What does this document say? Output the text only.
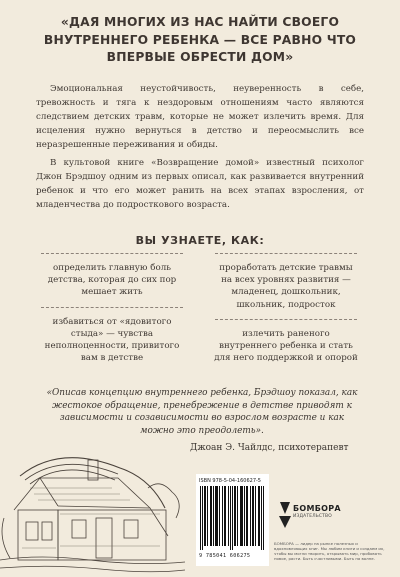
«ДАЯ МНОГИХ ИЗ НАС НАЙТИ СВОЕГО ВНУТРЕННЕГО РЕБЕНКА — ВСЕ РАВНО ЧТО ВПЕРВЫЕ ОБРЕСТИ ДОМ»

Эмоциональная неустойчивость, неуверенность в себе, тревожность и тяга к нездоровым отношениям часто являются следствием детских травм, которые не может излечить время. Для исцеления нужно вернуться в детство и переосмыслить все неразрешенные переживания и обиды.

В культовой книге «Возвращение домой» известный психолог Джон Брэдшоу одним из первых описал, как развивается внутренний ребенок и что его может ранить на всех этапах взросления, от младенчества до подросткового возраста.

ВЫ УЗНАЕТЕ, КАК:
определить главную боль детства, которая до сих пор мешает жить
избавиться от «ядовитого стыда» — чувства неполноценности, привитого вам в детстве
проработать детские травмы на всех уровнях развития — младенец, дошкольник, школьник, подросток
излечить раненого внутреннего ребенка и стать для него поддержкой и опорой
«Описав концепцию внутреннего ребенка, Брэдшоу показал, как жестокое обращение, пренебрежение в детстве приводят к зависимости и созависимости во взрослом возрасте и как можно это преодолеть».
Джоан Э. Чайлдс, психотерапевт
ISBN 978-5-04-160627-5
9 785041 606275
БОМБОРА
ИЗДАТЕЛЬСТВО
БОМБОРА — лидер на рынке полезных и вдохновляющих книг. Мы любим книги и создаем их, чтобы вы могли творить, открывать мир, пробовать новое, расти. Быть счастливыми. Быть на волне.
